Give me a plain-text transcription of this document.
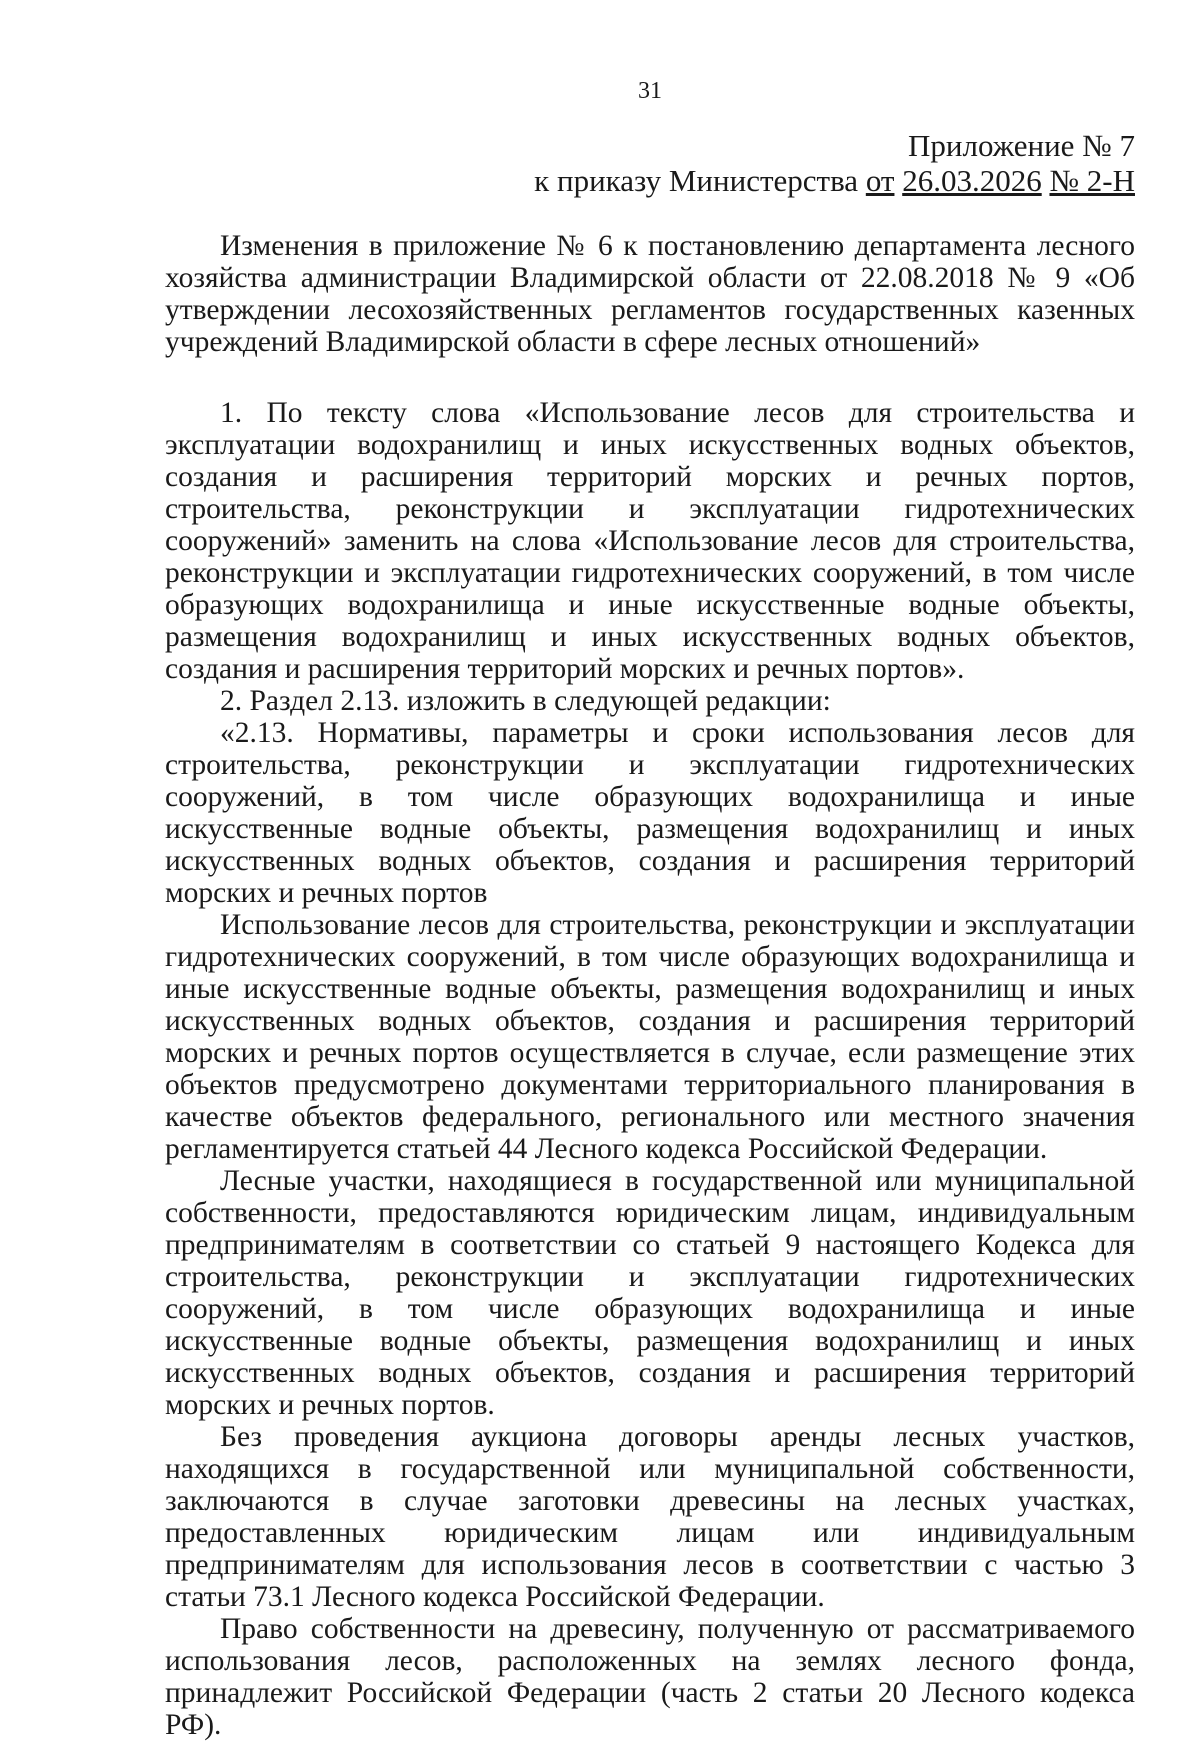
31
Приложение № 7
к приказу Министерства от 26.03.2026 № 2-Н

Изменения в приложение № 6 к постановлению департамента лесного хозяйства администрации Владимирской области от 22.08.2018 № 9 «Об утверждении лесохозяйственных регламентов государственных казенных учреждений Владимирской области в сфере лесных отношений»

1. По тексту слова «Использование лесов для строительства и эксплуатации водохранилищ и иных искусственных водных объектов, создания и расширения территорий морских и речных портов, строительства, реконструкции и эксплуатации гидротехнических сооружений» заменить на слова «Использование лесов для строительства, реконструкции и эксплуатации гидротехнических сооружений, в том числе образующих водохранилища и иные искусственные водные объекты, размещения водохранилищ и иных искусственных водных объектов, создания и расширения территорий морских и речных портов».

2. Раздел 2.13. изложить в следующей редакции:

«2.13. Нормативы, параметры и сроки использования лесов для строительства, реконструкции и эксплуатации гидротехнических сооружений, в том числе образующих водохранилища и иные искусственные водные объекты, размещения водохранилищ и иных искусственных водных объектов, создания и расширения территорий морских и речных портов

Использование лесов для строительства, реконструкции и эксплуатации гидротехнических сооружений, в том числе образующих водохранилища и иные искусственные водные объекты, размещения водохранилищ и иных искусственных водных объектов, создания и расширения территорий морских и речных портов осуществляется в случае, если размещение этих объектов предусмотрено документами территориального планирования в качестве объектов федерального, регионального или местного значения регламентируется статьей 44 Лесного кодекса Российской Федерации.

Лесные участки, находящиеся в государственной или муниципальной собственности, предоставляются юридическим лицам, индивидуальным предпринимателям в соответствии со статьей 9 настоящего Кодекса для строительства, реконструкции и эксплуатации гидротехнических сооружений, в том числе образующих водохранилища и иные искусственные водные объекты, размещения водохранилищ и иных искусственных водных объектов, создания и расширения территорий морских и речных портов.

Без проведения аукциона договоры аренды лесных участков, находящихся в государственной или муниципальной собственности, заключаются в случае заготовки древесины на лесных участках, предоставленных юридическим лицам или индивидуальным предпринимателям для использования лесов в соответствии с частью 3 статьи 73.1 Лесного кодекса Российской Федерации.

Право собственности на древесину, полученную от рассматриваемого использования лесов, расположенных на землях лесного фонда, принадлежит Российской Федерации (часть 2 статьи 20 Лесного кодекса РФ).
